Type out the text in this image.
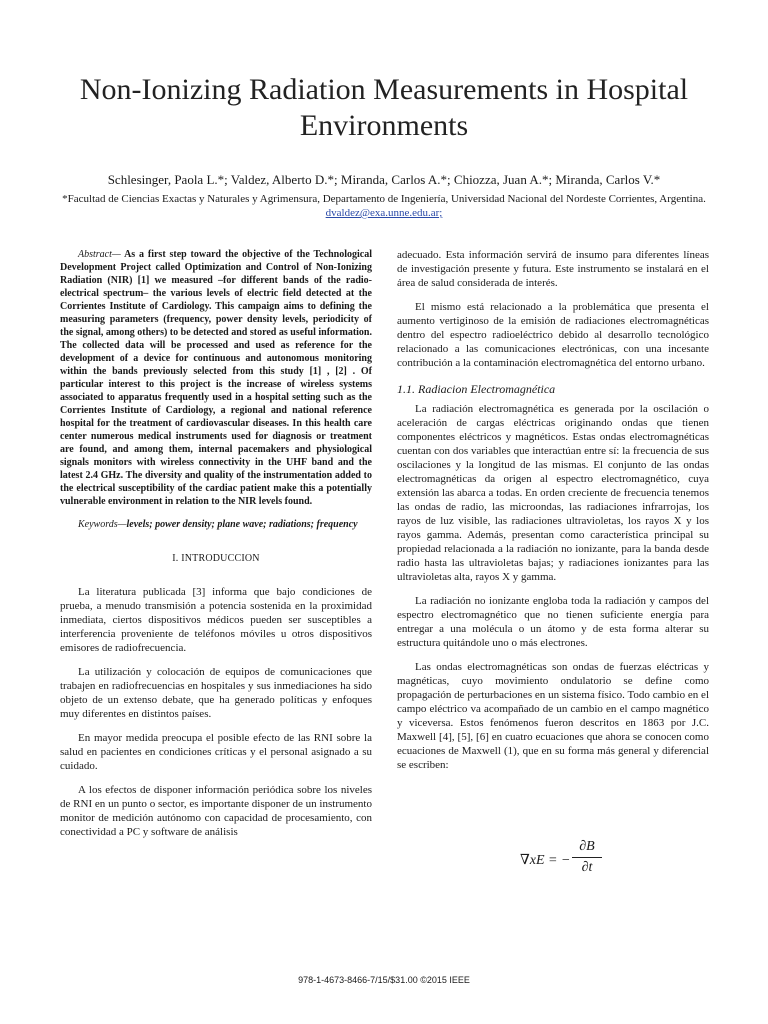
Non-Ionizing Radiation Measurements in Hospital Environments
Schlesinger, Paola L.*; Valdez, Alberto D.*; Miranda, Carlos A.*; Chiozza, Juan A.*; Miranda, Carlos V.*
*Facultad de Ciencias Exactas y Naturales y Agrimensura, Departamento de Ingeniería, Universidad Nacional del Nordeste Corrientes, Argentina.
dvaldez@exa.unne.edu.ar;

Abstract— As a first step toward the objective of the Technological Development Project called Optimization and Control of Non-Ionizing Radiation (NIR) [1] we measured –for different bands of the radio-electrical spectrum– the various levels of electric field detected at the Corrientes Institute of Cardiology. This campaign aims to defining the measuring parameters (frequency, power density levels, periodicity of the signal, among others) to be detected and stored as useful information. The collected data will be processed and used as reference for the development of a device for continuous and autonomous monitoring within the bands previously selected from this study [1] , [2] . Of particular interest to this project is the increase of wireless systems associated to apparatus frequently used in a hospital setting such as the Corrientes Institute of Cardiology, a regional and national reference hospital for the treatment of cardiovascular diseases. In this health care center numerous medical instruments used for diagnosis or treatment are found, and among them, internal pacemakers and physiological signals monitors with wireless connectivity in the UHF band and the latest 2.4 GHz. The diversity and quality of the instrumentation added to the electrical susceptibility of the cardiac patient make this a potentially vulnerable environment in relation to the NIR levels found.

Keywords—levels; power density; plane wave; radiations; frequency

I. INTRODUCCION

La literatura publicada [3] informa que bajo condiciones de prueba, a menudo transmisión a potencia sostenida en la proximidad inmediata, ciertos dispositivos médicos pueden ser susceptibles a interferencia proveniente de teléfonos móviles u otros dispositivos emisores de radiofrecuencia.

La utilización y colocación de equipos de comunicaciones que trabajen en radiofrecuencias en hospitales y sus inmediaciones ha sido objeto de un extenso debate, que ha generado políticas y enfoques muy diferentes en distintos países.

En mayor medida preocupa el posible efecto de las RNI sobre la salud en pacientes en condiciones críticas y el personal asignado a su cuidado.

A los efectos de disponer información periódica sobre los niveles de RNI en un punto o sector, es importante disponer de un instrumento monitor de medición autónomo con capacidad de procesamiento, con conectividad a PC y software de análisis

adecuado. Esta información servirá de insumo para diferentes líneas de investigación presente y futura. Este instrumento se instalará en el área de salud considerada de interés.

El mismo está relacionado a la problemática que presenta el aumento vertiginoso de la emisión de radiaciones electromagnéticas dentro del espectro radioeléctrico debido al desarrollo tecnológico relacionado a las comunicaciones electrónicas, con una incesante contribución a la contaminación electromagnética del entorno urbano.

1.1. Radiacion Electromagnética

La radiación electromagnética es generada por la oscilación o aceleración de cargas eléctricas originando ondas que tienen componentes eléctricos y magnéticos. Estas ondas electromagnéticas cuentan con dos variables que interactúan entre sí: la frecuencia de sus oscilaciones y la longitud de las mismas. El conjunto de las ondas electromagnéticas da origen al espectro electromagnético, cuya extensión las abarca a todas. En orden creciente de frecuencia tenemos las ondas de radio, las microondas, las radiaciones infrarrojas, los rayos de luz visible, las radiaciones ultravioletas, los rayos X y los rayos gamma. Además, presentan como característica principal su propiedad relacionada a la radiación no ionizante, para la banda desde radio hasta las ultravioletas bajas; y radiaciones ionizantes para las ultravioletas alta, rayos X y gamma.

La radiación no ionizante engloba toda la radiación y campos del espectro electromagnético que no tienen suficiente energía para entregar a una molécula o un átomo y de esta forma alterar su estructura quitándole uno o más electrones.

Las ondas electromagnéticas son ondas de fuerzas eléctricas y magnéticas, cuyo movimiento ondulatorio se define como propagación de perturbaciones en un sistema físico. Todo cambio en el campo eléctrico va acompañado de un cambio en el campo magnético y viceversa. Estos fenómenos fueron descritos en 1863 por J.C. Maxwell [4], [5], [6] en cuatro ecuaciones que ahora se conocen como ecuaciones de Maxwell (1), que en su forma más general y diferencial se escriben:

∇xE = −
∂B
∂t
978-1-4673-8466-7/15/$31.00 ©2015 IEEE
